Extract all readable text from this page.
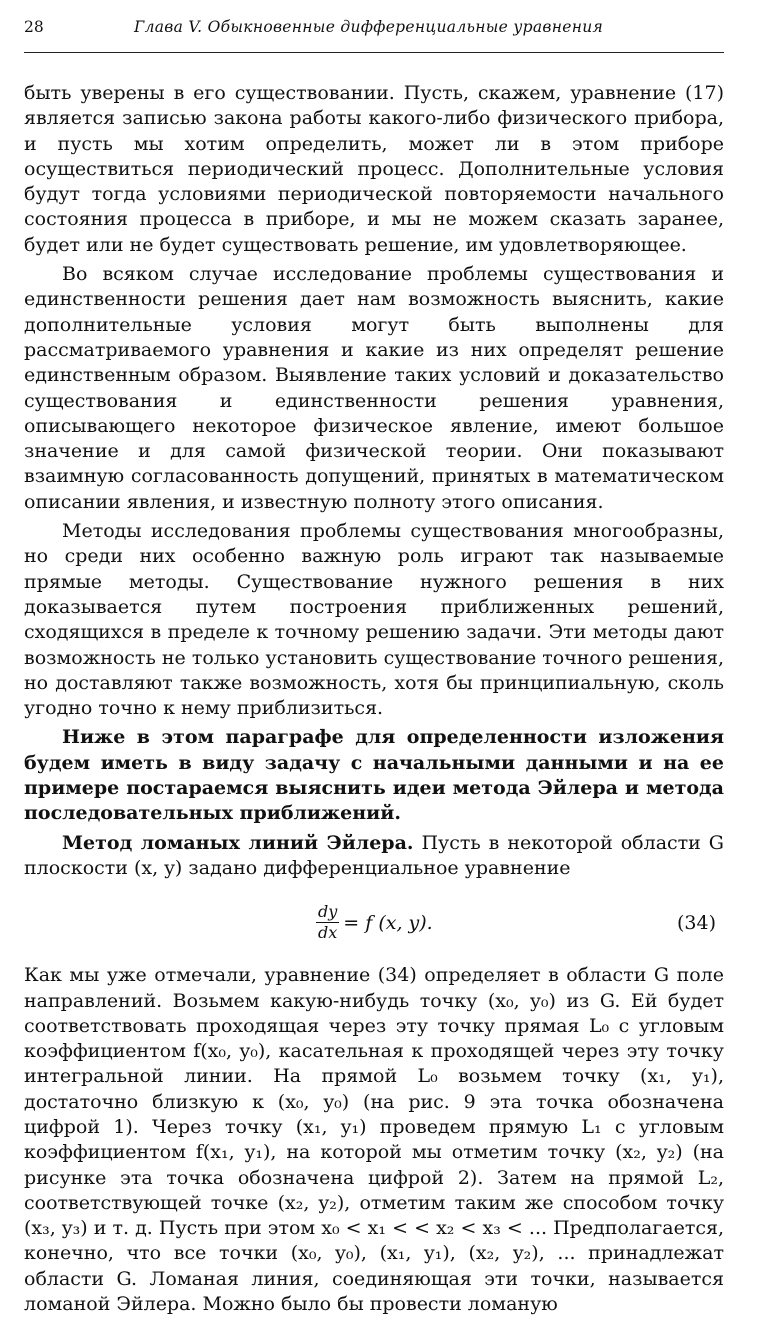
28	Глава V. Обыкновенные дифференциальные уравнения

быть уверены в его существовании. Пусть, скажем, уравнение (17) является записью закона работы какого-либо физического прибора, и пусть мы хотим определить, может ли в этом приборе осуществиться периодический процесс. Дополнительные условия будут тогда условиями периодической повторяемости начального состояния процесса в приборе, и мы не можем сказать заранее, будет или не будет существовать решение, им удовлетворяющее.

Во всяком случае исследование проблемы существования и единственности решения дает нам возможность выяснить, какие дополнительные условия могут быть выполнены для рассматриваемого уравнения и какие из них определят решение единственным образом. Выявление таких условий и доказательство существования и единственности решения уравнения, описывающего некоторое физическое явление, имеют большое значение и для самой физической теории. Они показывают взаимную согласованность допущений, принятых в математическом описании явления, и известную полноту этого описания.

Методы исследования проблемы существования многообразны, но среди них особенно важную роль играют так называемые прямые методы. Существование нужного решения в них доказывается путем построения приближенных решений, сходящихся в пределе к точному решению задачи. Эти методы дают возможность не только установить существование точного решения, но доставляют также возможность, хотя бы принципиальную, сколь угодно точно к нему приблизиться.

Ниже в этом параграфе для определенности изложения будем иметь в виду задачу с начальными данными и на ее примере постараемся выяснить идеи метода Эйлера и метода последовательных приближений.

Метод ломаных линий Эйлера. Пусть в некоторой области G плоскости (x, y) задано дифференциальное уравнение

$\frac{dy}{dx} = f$ (x, y).	(34)

Как мы уже отмечали, уравнение (34) определяет в области G поле направлений. Возьмем какую-нибудь точку (x₀, y₀) из G. Ей будет соответствовать проходящая через эту точку прямая L₀ с угловым коэффициентом f(x₀, y₀), касательная к проходящей через эту точку интегральной линии. На прямой L₀ возьмем точку (x₁, y₁), достаточно близкую к (x₀, y₀) (на рис. 9 эта точка обозначена цифрой 1). Через точку (x₁, y₁) проведем прямую L₁ с угловым коэффициентом f(x₁, y₁), на которой мы отметим точку (x₂, y₂) (на рисунке эта точка обозначена цифрой 2). Затем на прямой L₂, соответствующей точке (x₂, y₂), отметим таким же способом точку (x₃, y₃) и т. д. Пусть при этом x₀ < x₁ < < x₂ < x₃ < ... Предполагается, конечно, что все точки (x₀, y₀), (x₁, y₁), (x₂, y₂), ... принадлежат области G. Ломаная линия, соединяющая эти точки, называется ломаной Эйлера. Можно было бы провести ломаную
